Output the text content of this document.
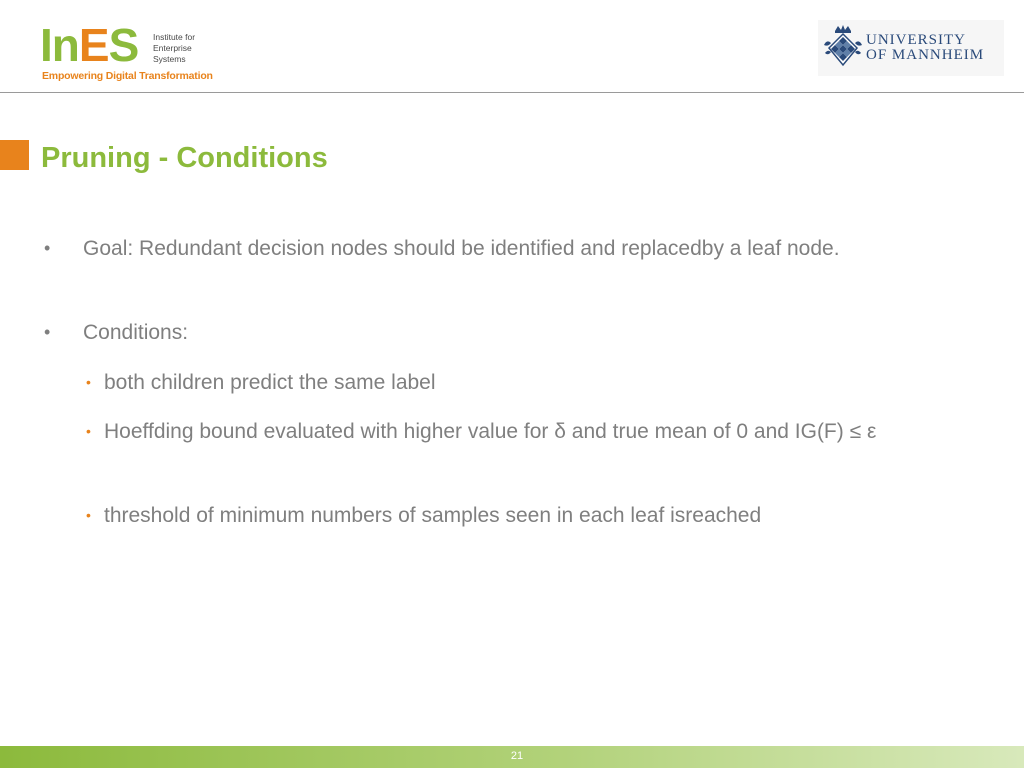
InES Institute for
Enterprise
Systems
Empowering Digital Transformation
UNIVERSITY
OF MANNHEIM
Pruning - Conditions
• Goal: Redundant decision nodes should be identified and replacedby a leaf node.
• Conditions:
• both children predict the same label
• Hoeffding bound evaluated with higher value for δ and true mean of 0 and IG(F) ≤ ε
• threshold of minimum numbers of samples seen in each leaf isreached
21
